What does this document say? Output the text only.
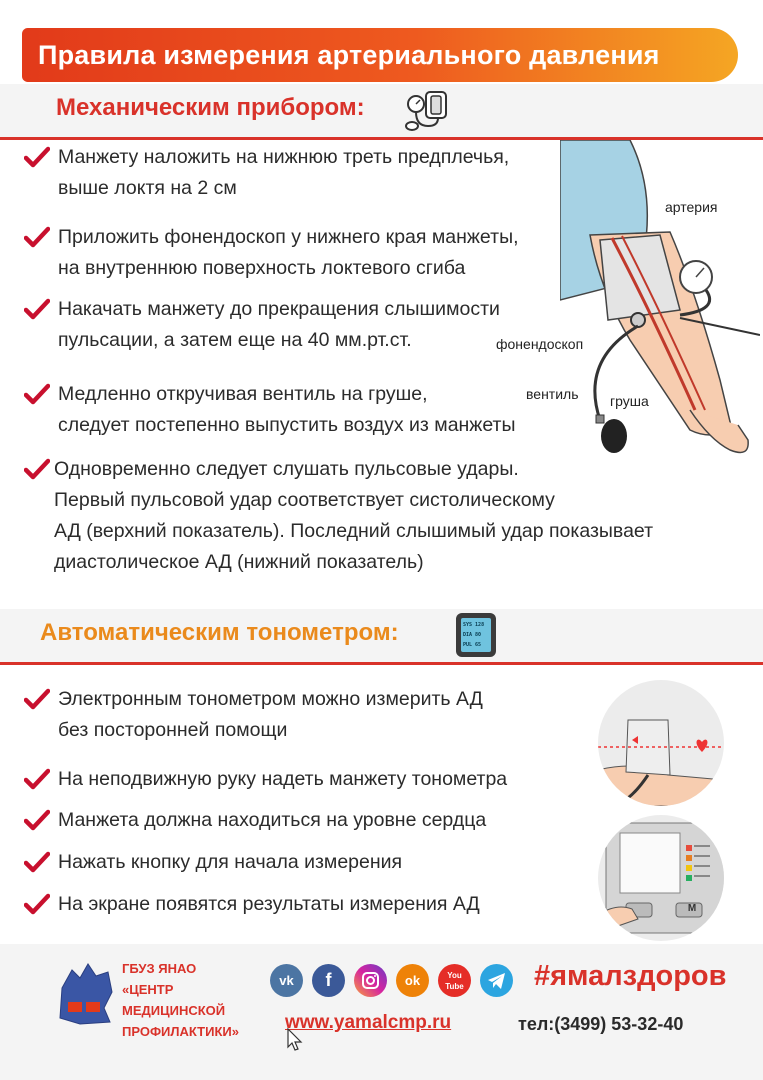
Правила измерения артериального давления
Механическим прибором:
Манжету наложить на нижнюю треть предплечья,
выше локтя на 2 см
Приложить фонендоскоп у нижнего края манжеты,
на внутреннюю поверхность локтевого сгиба
Накачать манжету до прекращения слышимости
пульсации, а затем еще на 40 мм.рт.ст.
Медленно откручивая вентиль на груше,
следует постепенно выпустить воздух из манжеты
Одновременно следует слушать пульсовые удары.
Первый пульсовой удар соответствует систолическому
АД (верхний показатель). Последний слышимый удар показывает
диастолическое АД (нижний показатель)
артерия
фонендоскоп
вентиль груша
Автоматическим тонометром:	SYS 128
DIA 80
PUL 65
Электронным тонометром можно измерить АД
без посторонней помощи
На неподвижную руку надеть манжету тонометра
Манжета должна находиться на уровне сердца
Нажать кнопку для начала измерения
На экране появятся результаты измерения АД	M
ГБУЗ ЯНАО
«ЦЕНТР
МЕДИЦИНСКОЙ
ПРОФИЛАКТИКИ»
vk	f	ok	You Tube #ямалздоров
www.yamalcmp.ru	тел:(3499) 53-32-40
